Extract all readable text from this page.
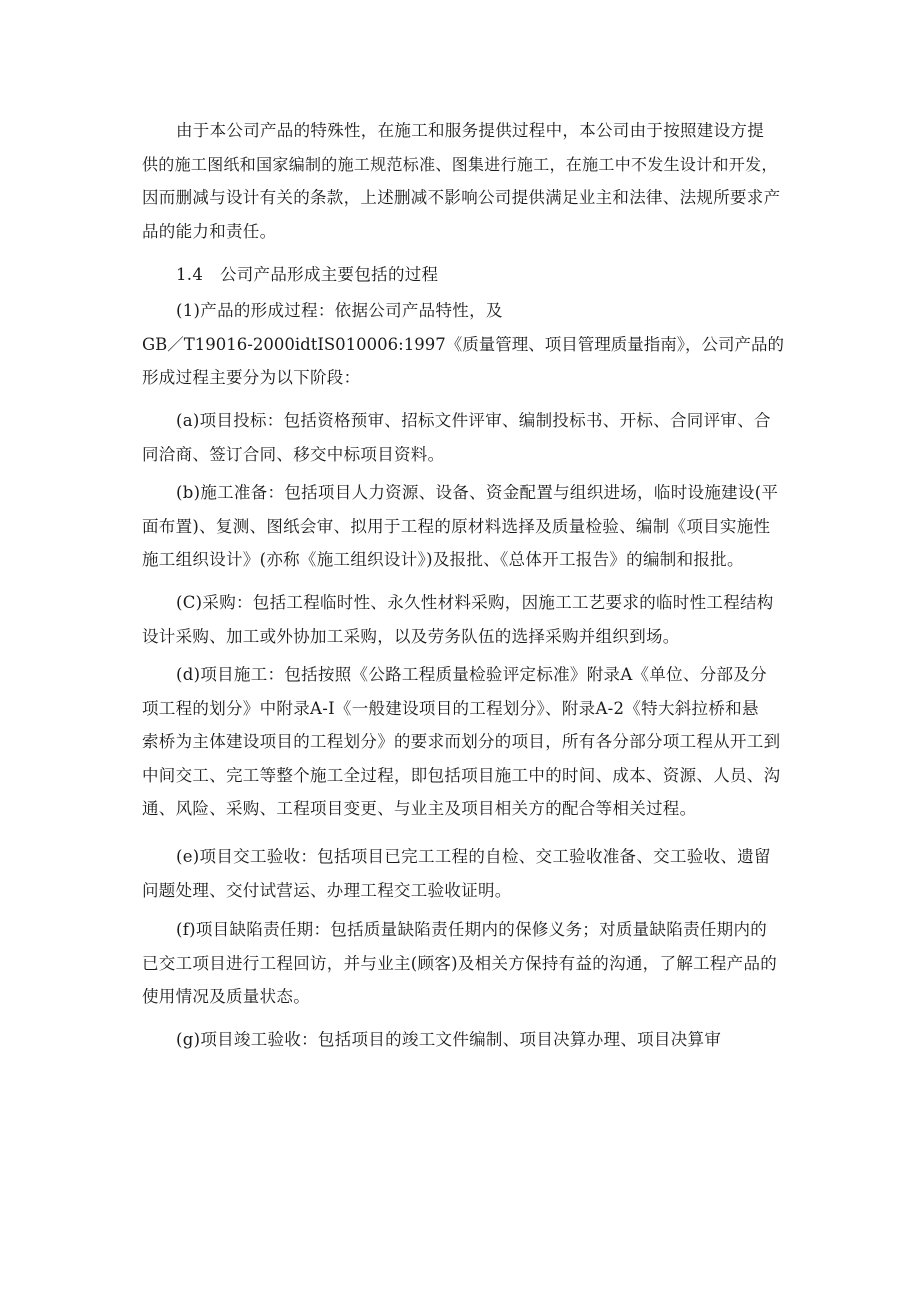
由于本公司产品的特殊性，在施工和服务提供过程中，本公司由于按照建设方提
供的施工图纸和国家编制的施工规范标准、图集进行施工，在施工中不发生设计和开发，
因而删减与设计有关的条款，上述删减不影响公司提供满足业主和法律、法规所要求产
品的能力和责任。
1.4　公司产品形成主要包括的过程
(1)产品的形成过程：依据公司产品特性，及
GB／T19016-2000idtIS010006:1997《质量管理、项目管理质量指南》，公司产品的
形成过程主要分为以下阶段：
(a)项目投标：包括资格预审、招标文件评审、编制投标书、开标、合同评审、合
同洽商、签订合同、移交中标项目资料。
(b)施工准备：包括项目人力资源、设备、资金配置与组织进场，临时设施建设(平
面布置)、复测、图纸会审、拟用于工程的原材料选择及质量检验、编制《项目实施性
施工组织设计》(亦称《施工组织设计》)及报批、《总体开工报告》的编制和报批。
(C)采购：包括工程临时性、永久性材料采购，因施工工艺要求的临时性工程结构
设计采购、加工或外协加工采购，以及劳务队伍的选择采购并组织到场。
(d)项目施工：包括按照《公路工程质量检验评定标准》附录A《单位、分部及分
项工程的划分》中附录A-I《一般建设项目的工程划分》、附录A-2《特大斜拉桥和悬
索桥为主体建设项目的工程划分》的要求而划分的项目，所有各分部分项工程从开工到
中间交工、完工等整个施工全过程，即包括项目施工中的时间、成本、资源、人员、沟
通、风险、采购、工程项目变更、与业主及项目相关方的配合等相关过程。
(e)项目交工验收：包括项目已完工工程的自检、交工验收准备、交工验收、遗留
问题处理、交付试营运、办理工程交工验收证明。
(f)项目缺陷责任期：包括质量缺陷责任期内的保修义务；对质量缺陷责任期内的
已交工项目进行工程回访，并与业主(顾客)及相关方保持有益的沟通，了解工程产品的
使用情况及质量状态。
(g)项目竣工验收：包括项目的竣工文件编制、项目决算办理、项目决算审
